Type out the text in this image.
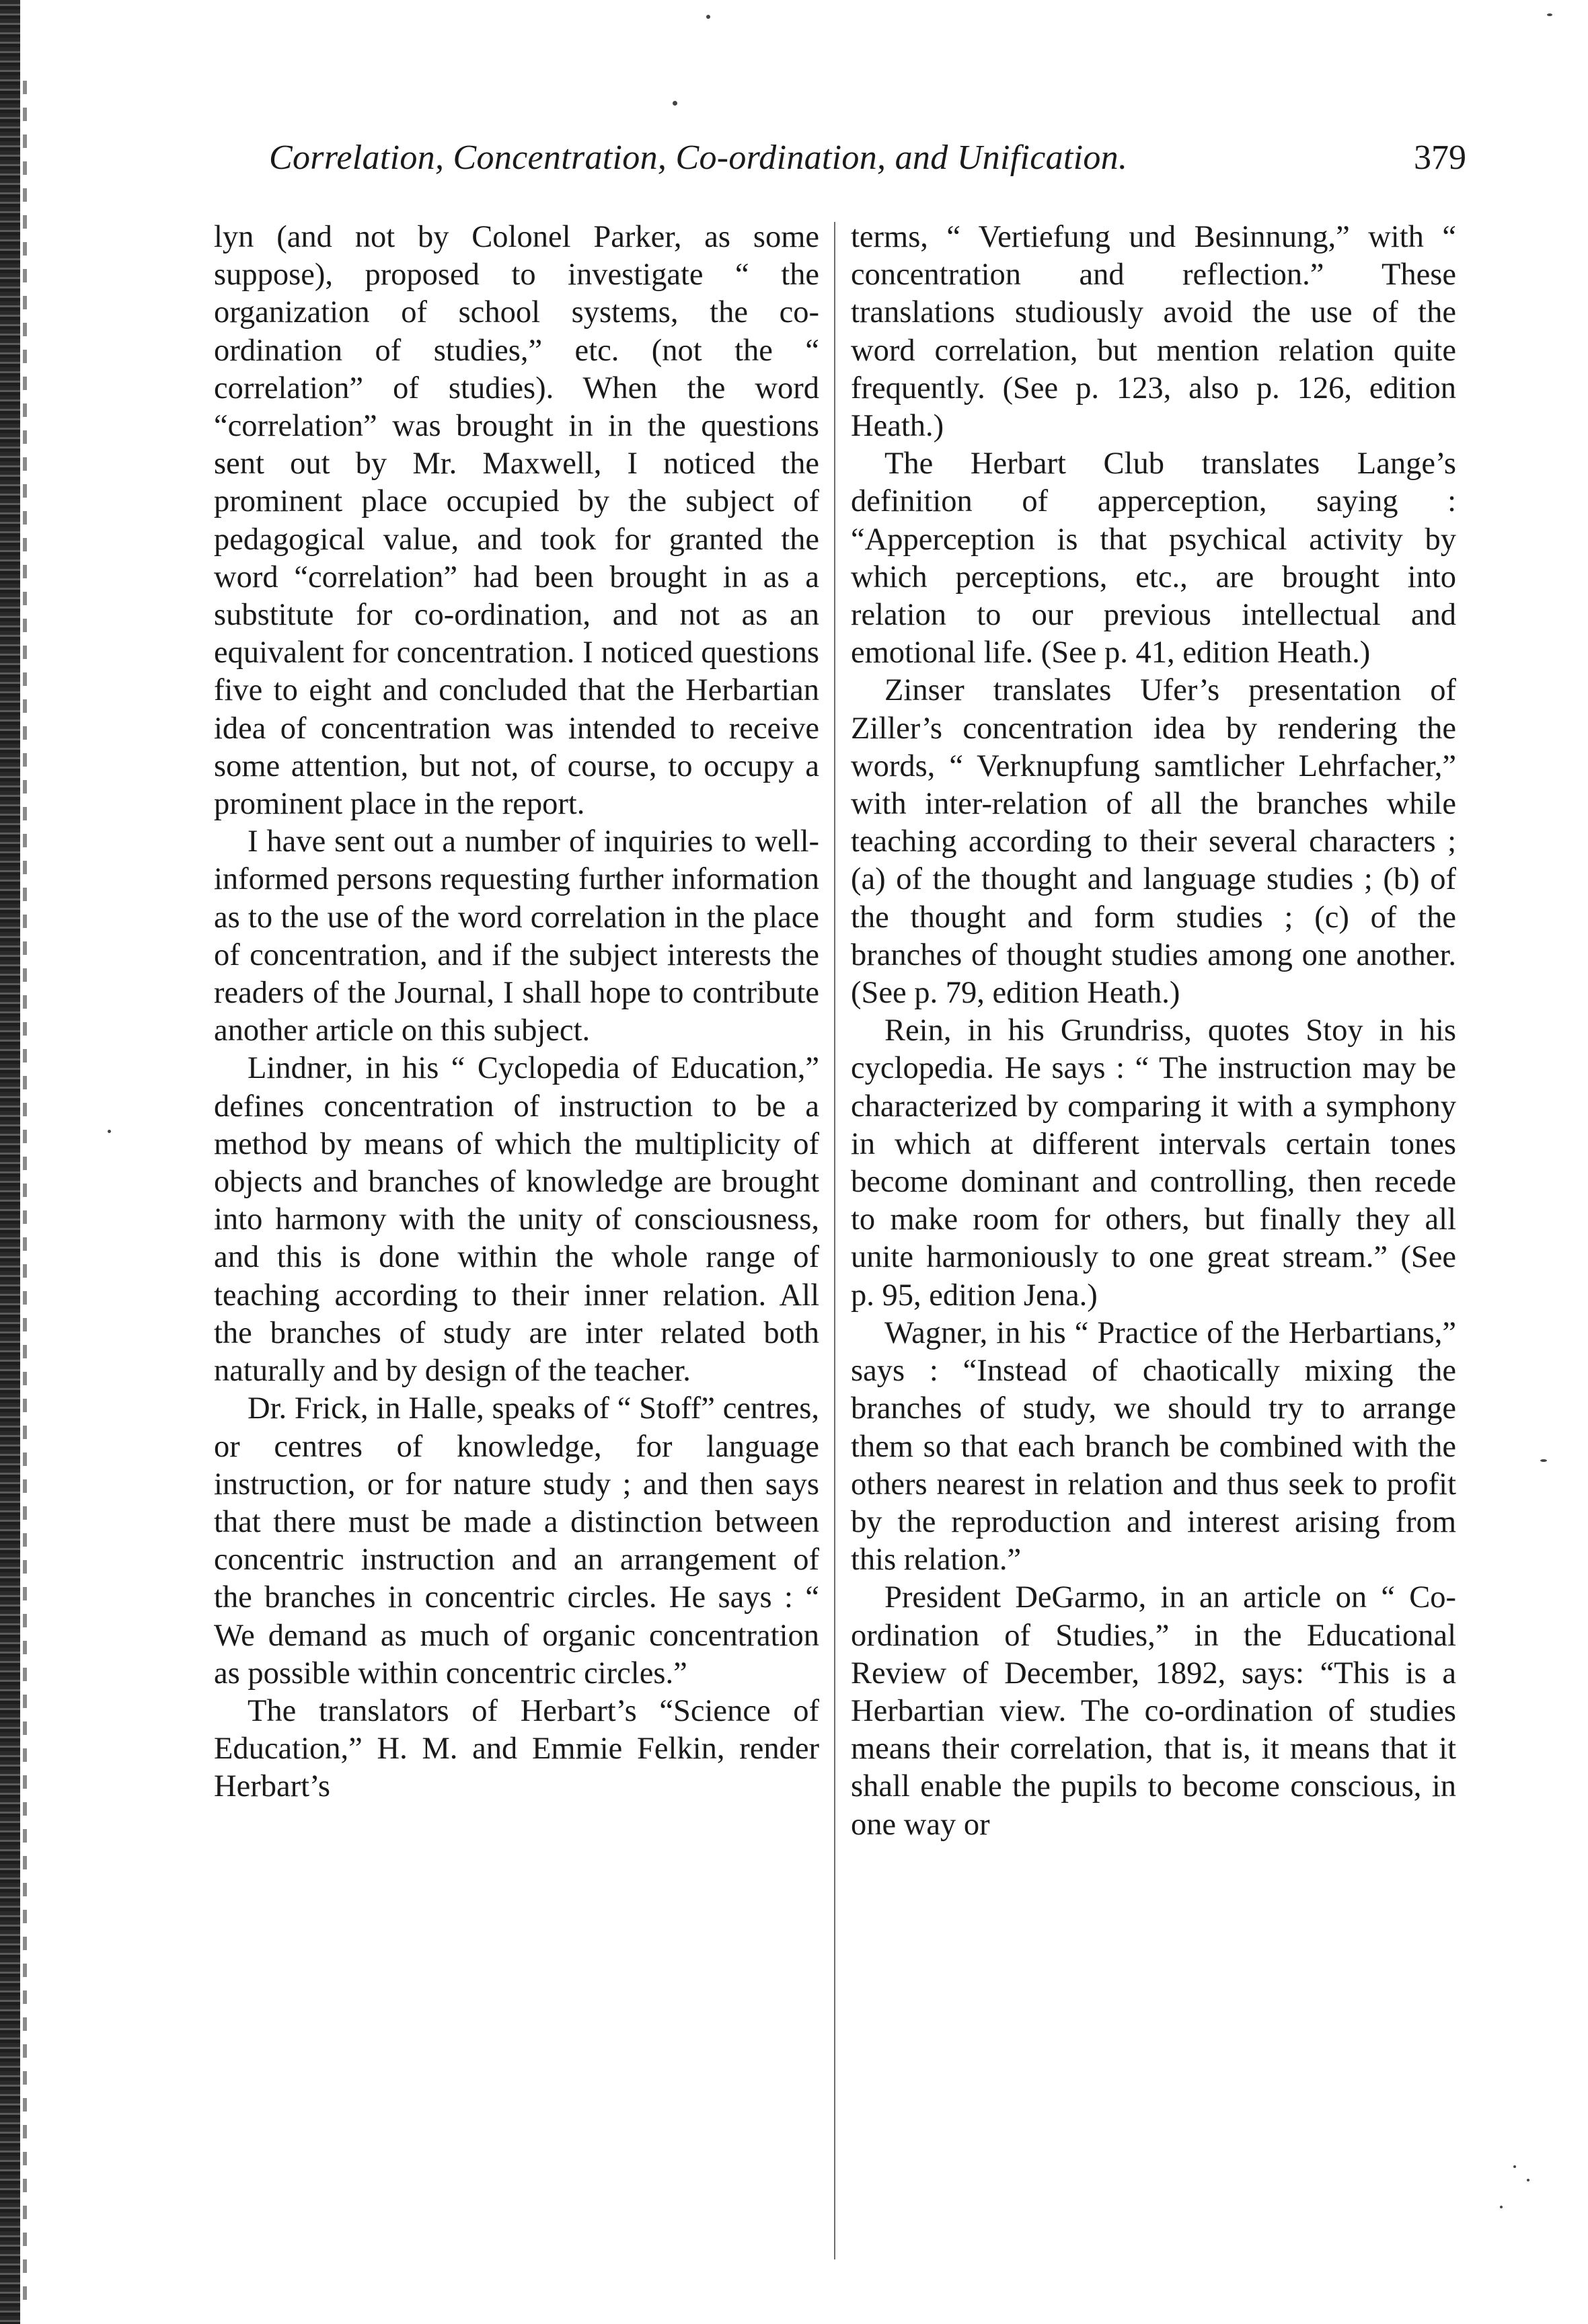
Correlation, Concentration, Co-ordination, and Unification.	379

lyn (and not by Colonel Parker, as some suppose), proposed to investigate “ the organization of school systems, the co-ordination of studies,” etc. (not the “ correlation” of studies). When the word “correlation” was brought in in the questions sent out by Mr. Maxwell, I noticed the prominent place occupied by the subject of pedagogical value, and took for granted the word “correlation” had been brought in as a substitute for co-ordination, and not as an equivalent for concentration. I noticed questions five to eight and concluded that the Herbartian idea of concentration was intended to receive some attention, but not, of course, to occupy a prominent place in the report.

I have sent out a number of inquiries to well-informed persons requesting further information as to the use of the word correlation in the place of concentration, and if the subject interests the readers of the Journal, I shall hope to contribute another article on this subject.

Lindner, in his “ Cyclopedia of Education,” defines concentration of instruction to be a method by means of which the multiplicity of objects and branches of knowledge are brought into harmony with the unity of consciousness, and this is done within the whole range of teaching according to their inner relation. All the branches of study are inter related both naturally and by design of the teacher.

Dr. Frick, in Halle, speaks of “ Stoff” centres, or centres of knowledge, for language instruction, or for nature study ; and then says that there must be made a distinction between concentric instruction and an arrangement of the branches in concentric circles. He says : “ We demand as much of organic concentration as possible within concentric circles.”

The translators of Herbart’s “Science of Education,” H. M. and Emmie Felkin, render Herbart’s

terms, “ Vertiefung und Besinnung,” with “ concentration and reflection.” These translations studiously avoid the use of the word correlation, but mention relation quite frequently. (See p. 123, also p. 126, edition Heath.)

The Herbart Club translates Lange’s definition of apperception, saying : “Apperception is that psychical activity by which perceptions, etc., are brought into relation to our previous intellectual and emotional life. (See p. 41, edition Heath.)

Zinser translates Ufer’s presentation of Ziller’s concentration idea by rendering the words, “ Verknupfung samtlicher Lehrfacher,” with inter-relation of all the branches while teaching according to their several characters ; (a) of the thought and language studies ; (b) of the thought and form studies ; (c) of the branches of thought studies among one another. (See p. 79, edition Heath.)

Rein, in his Grundriss, quotes Stoy in his cyclopedia. He says : “ The instruction may be characterized by comparing it with a symphony in which at different intervals certain tones become dominant and controlling, then recede to make room for others, but finally they all unite harmoniously to one great stream.” (See p. 95, edition Jena.)

Wagner, in his “ Practice of the Herbartians,” says : “Instead of chaotically mixing the branches of study, we should try to arrange them so that each branch be combined with the others nearest in relation and thus seek to profit by the reproduction and interest arising from this relation.”

President DeGarmo, in an article on “ Co-ordination of Studies,” in the Educational Review of December, 1892, says: “This is a Herbartian view. The co-ordination of studies means their correlation, that is, it means that it shall enable the pupils to become conscious, in one way or
